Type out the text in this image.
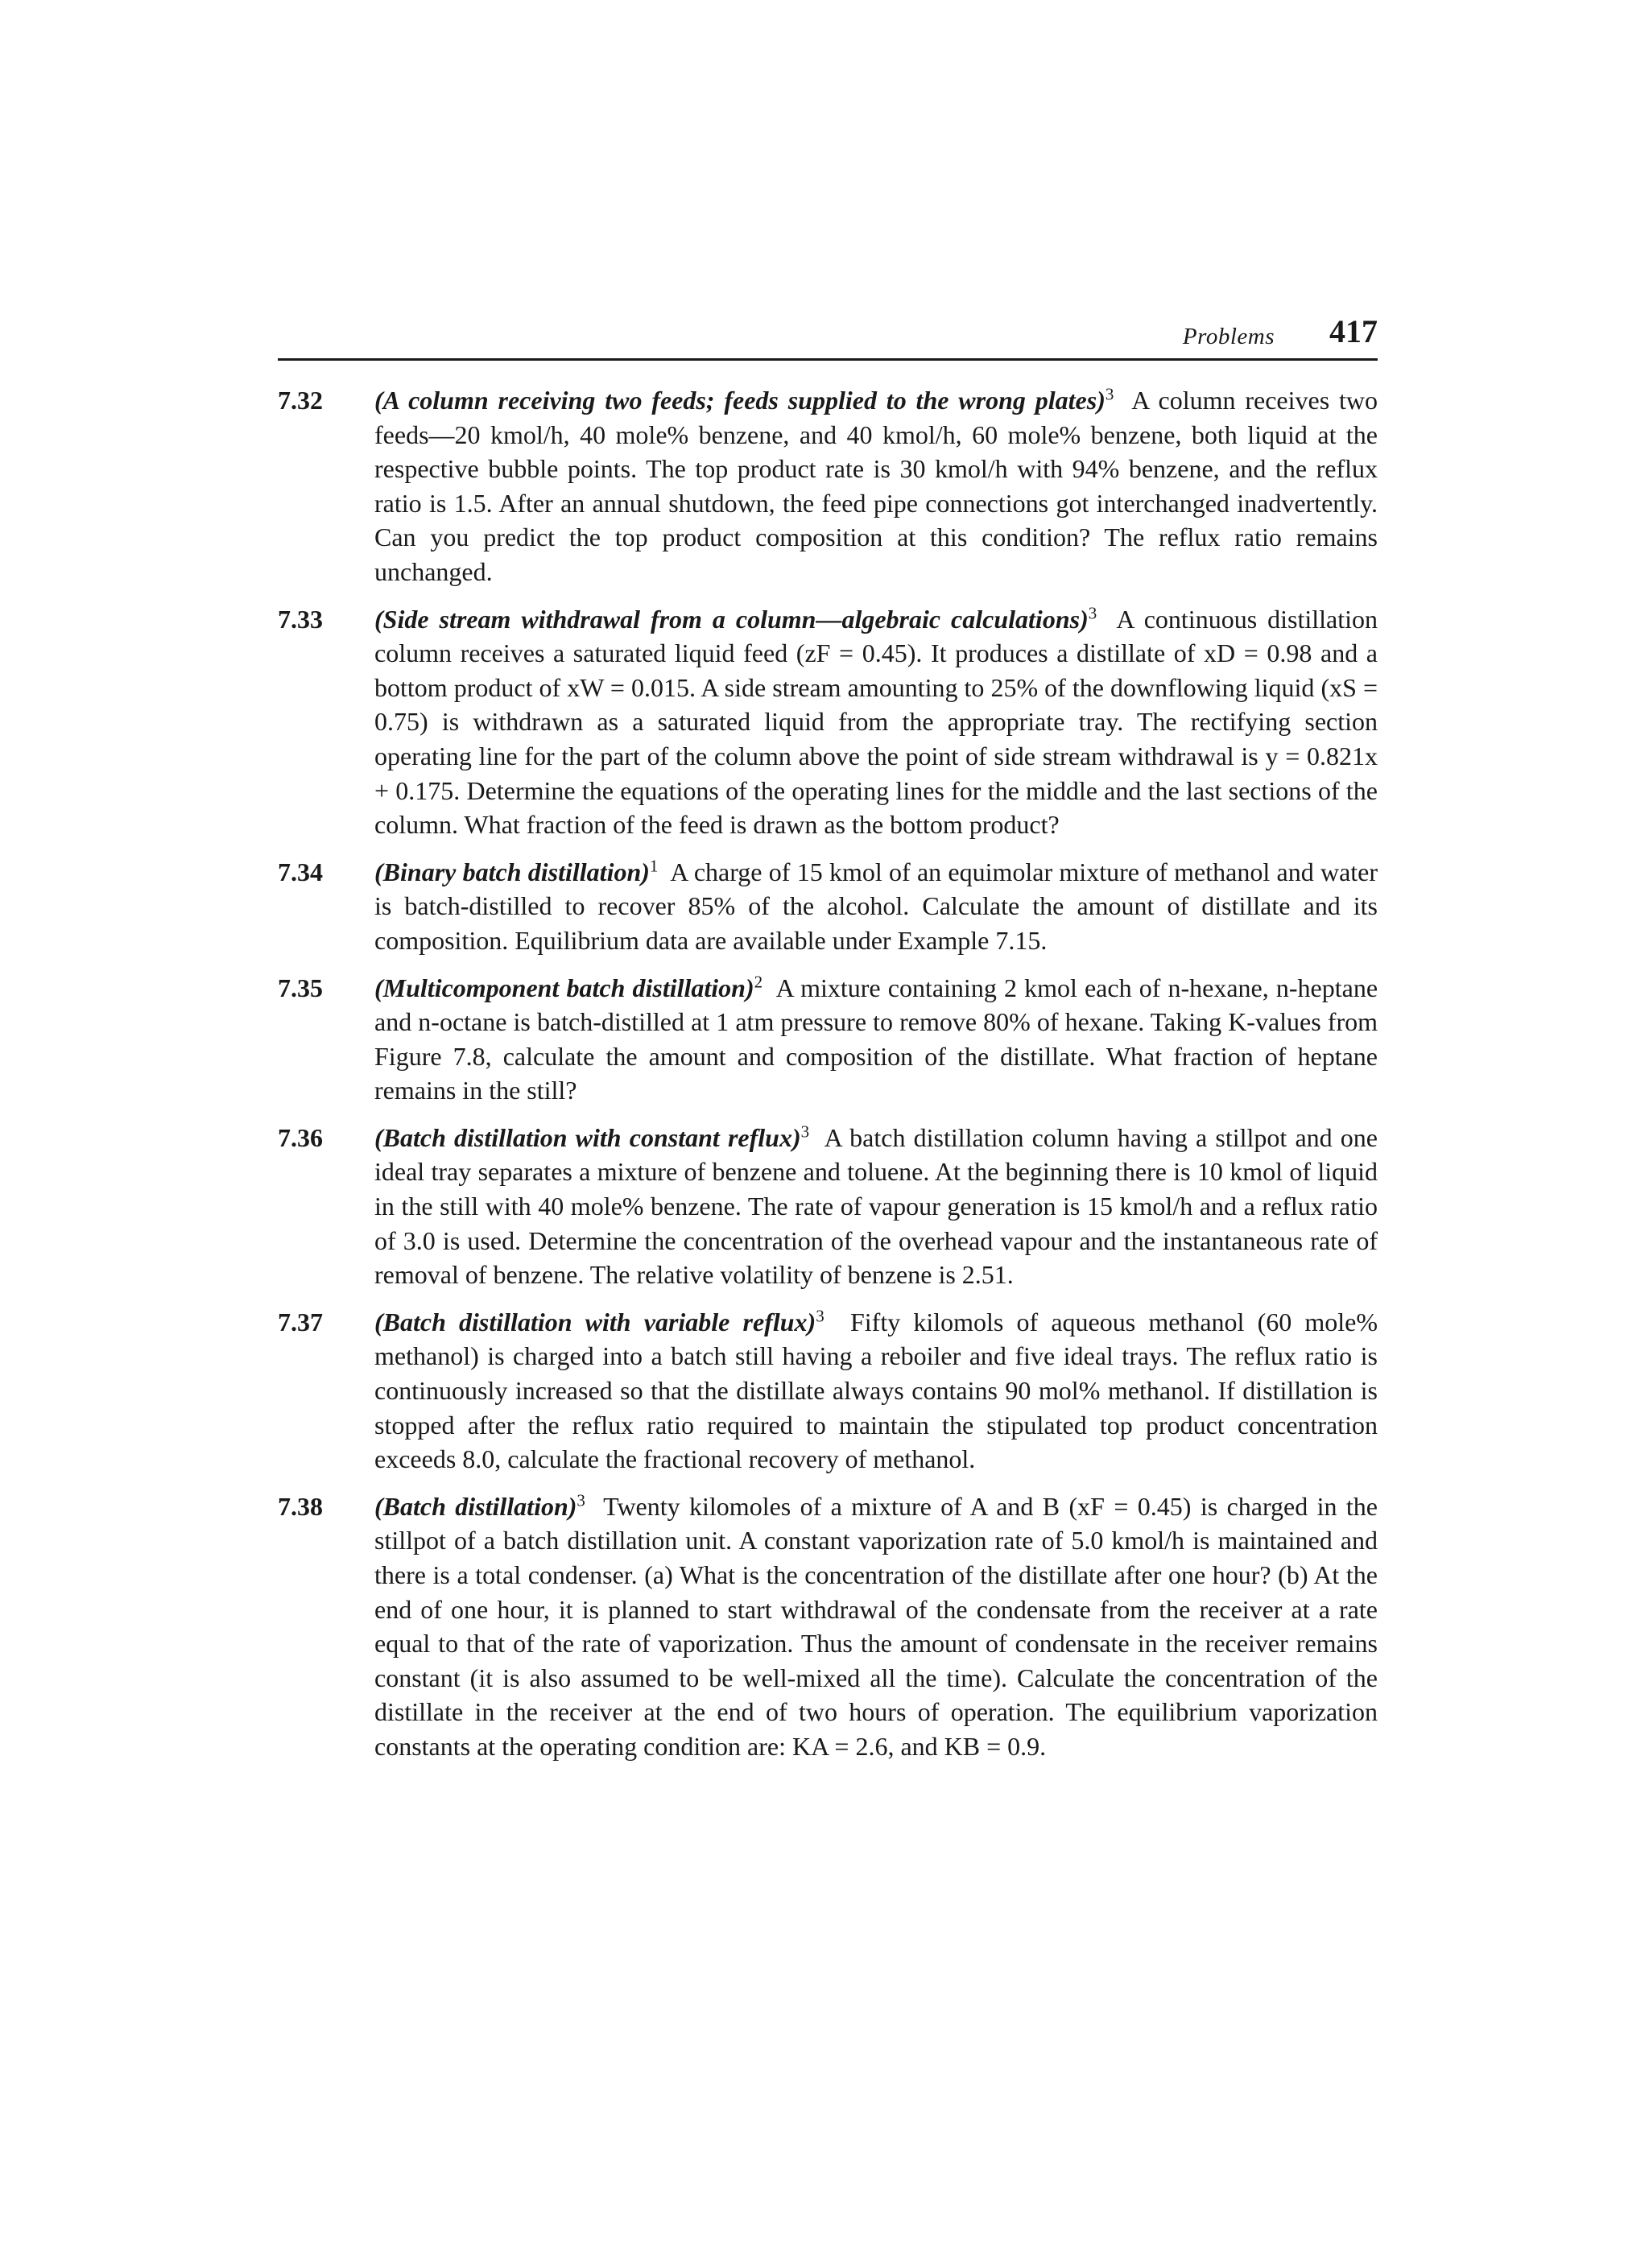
Problems 417
7.32 (A column receiving two feeds; feeds supplied to the wrong plates)$^3$ A column receives two feeds—20 kmol/h, 40 mole% benzene, and 40 kmol/h, 60 mole% benzene, both liquid at the respective bubble points. The top product rate is 30 kmol/h with 94% benzene, and the reflux ratio is 1.5. After an annual shutdown, the feed pipe connections got interchanged inadvertently. Can you predict the top product composition at this condition? The reflux ratio remains unchanged.
7.33 (Side stream withdrawal from a column—algebraic calculations)$^3$ A continuous distillation column receives a saturated liquid feed (zF = 0.45). It produces a distillate of xD = 0.98 and a bottom product of xW = 0.015. A side stream amounting to 25% of the downflowing liquid (xS = 0.75) is withdrawn as a saturated liquid from the appropriate tray. The rectifying section operating line for the part of the column above the point of side stream withdrawal is y = 0.821x + 0.175. Determine the equations of the operating lines for the middle and the last sections of the column. What fraction of the feed is drawn as the bottom product?
7.34 (Binary batch distillation)$^1$ A charge of 15 kmol of an equimolar mixture of methanol and water is batch-distilled to recover 85% of the alcohol. Calculate the amount of distillate and its composition. Equilibrium data are available under Example 7.15.
7.35 (Multicomponent batch distillation)$^2$ A mixture containing 2 kmol each of n-hexane, n-heptane and n-octane is batch-distilled at 1 atm pressure to remove 80% of hexane. Taking K-values from Figure 7.8, calculate the amount and composition of the distillate. What fraction of heptane remains in the still?
7.36 (Batch distillation with constant reflux)$^3$ A batch distillation column having a stillpot and one ideal tray separates a mixture of benzene and toluene. At the beginning there is 10 kmol of liquid in the still with 40 mole% benzene. The rate of vapour generation is 15 kmol/h and a reflux ratio of 3.0 is used. Determine the concentration of the overhead vapour and the instantaneous rate of removal of benzene. The relative volatility of benzene is 2.51.
7.37 (Batch distillation with variable reflux)$^3$ Fifty kilomols of aqueous methanol (60 mole% methanol) is charged into a batch still having a reboiler and five ideal trays. The reflux ratio is continuously increased so that the distillate always contains 90 mol% methanol. If distillation is stopped after the reflux ratio required to maintain the stipulated top product concentration exceeds 8.0, calculate the fractional recovery of methanol.
7.38 (Batch distillation)$^3$ Twenty kilomoles of a mixture of A and B (xF = 0.45) is charged in the stillpot of a batch distillation unit. A constant vaporization rate of 5.0 kmol/h is maintained and there is a total condenser. (a) What is the concentration of the distillate after one hour? (b) At the end of one hour, it is planned to start withdrawal of the condensate from the receiver at a rate equal to that of the rate of vaporization. Thus the amount of condensate in the receiver remains constant (it is also assumed to be well-mixed all the time). Calculate the concentration of the distillate in the receiver at the end of two hours of operation. The equilibrium vaporization constants at the operating condition are: KA = 2.6, and KB = 0.9.
